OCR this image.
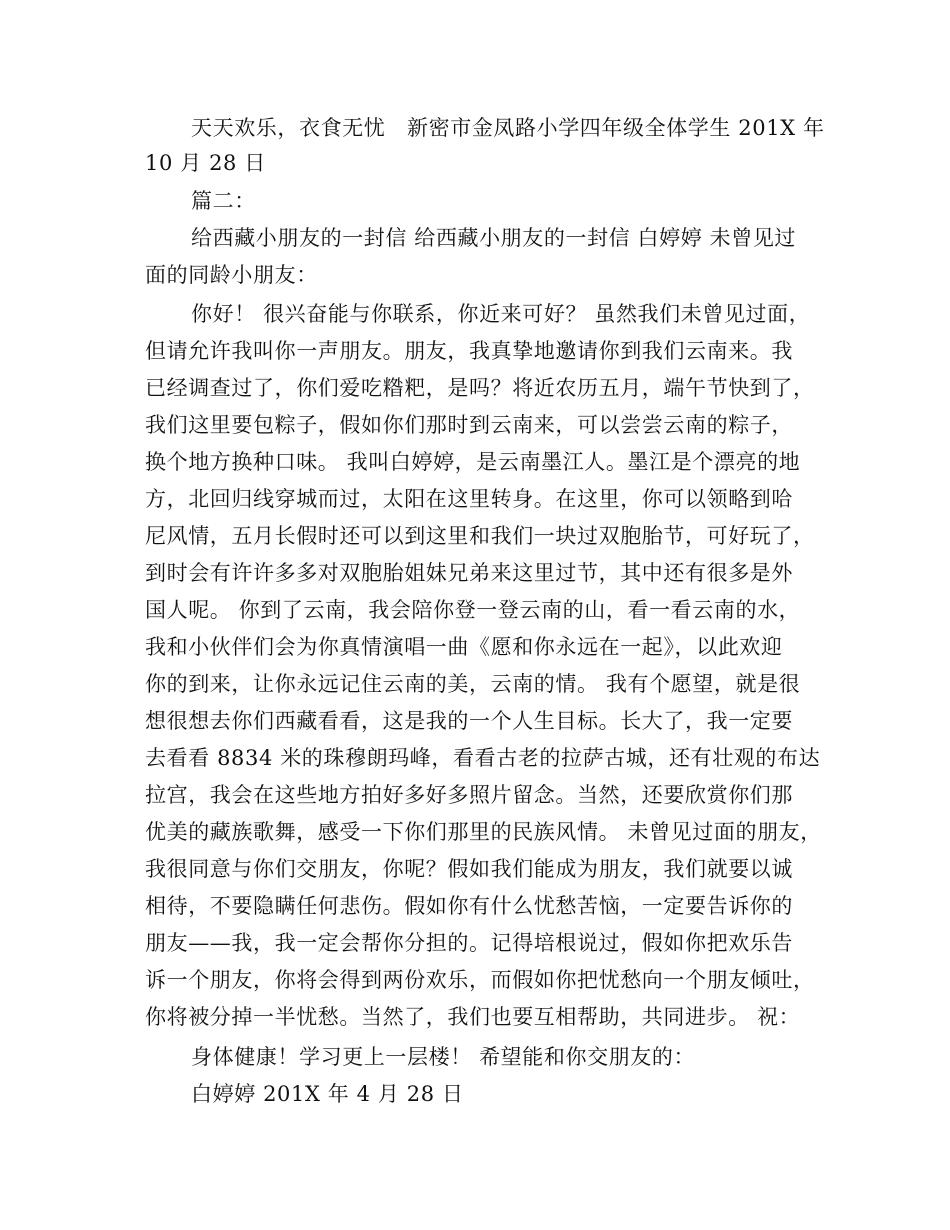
天天欢乐，衣食无忧　新密市金凤路小学四年级全体学生 201X 年
10 月 28 日
篇二：
给西藏小朋友的一封信 给西藏小朋友的一封信 白婷婷 未曾见过
面的同龄小朋友：
你好！ 很兴奋能与你联系，你近来可好？ 虽然我们未曾见过面，
但请允许我叫你一声朋友。朋友，我真挚地邀请你到我们云南来。我
已经调查过了，你们爱吃糌粑，是吗？将近农历五月，端午节快到了，
我们这里要包粽子，假如你们那时到云南来，可以尝尝云南的粽子，
换个地方换种口味。 我叫白婷婷，是云南墨江人。墨江是个漂亮的地
方，北回归线穿城而过，太阳在这里转身。在这里，你可以领略到哈
尼风情，五月长假时还可以到这里和我们一块过双胞胎节，可好玩了，
到时会有许许多多对双胞胎姐妹兄弟来这里过节，其中还有很多是外
国人呢。 你到了云南，我会陪你登一登云南的山，看一看云南的水，
我和小伙伴们会为你真情演唱一曲《愿和你永远在一起》，以此欢迎
你的到来，让你永远记住云南的美，云南的情。 我有个愿望，就是很
想很想去你们西藏看看，这是我的一个人生目标。长大了，我一定要
去看看 8834 米的珠穆朗玛峰，看看古老的拉萨古城，还有壮观的布达
拉宫，我会在这些地方拍好多好多照片留念。当然，还要欣赏你们那
优美的藏族歌舞，感受一下你们那里的民族风情。 未曾见过面的朋友，
我很同意与你们交朋友，你呢？假如我们能成为朋友，我们就要以诚
相待，不要隐瞒任何悲伤。假如你有什么忧愁苦恼，一定要告诉你的
朋友——我，我一定会帮你分担的。记得培根说过，假如你把欢乐告
诉一个朋友，你将会得到两份欢乐，而假如你把忧愁向一个朋友倾吐，
你将被分掉一半忧愁。当然了，我们也要互相帮助，共同进步。 祝：
身体健康！学习更上一层楼！ 希望能和你交朋友的：
白婷婷 201X 年 4 月 28 日
